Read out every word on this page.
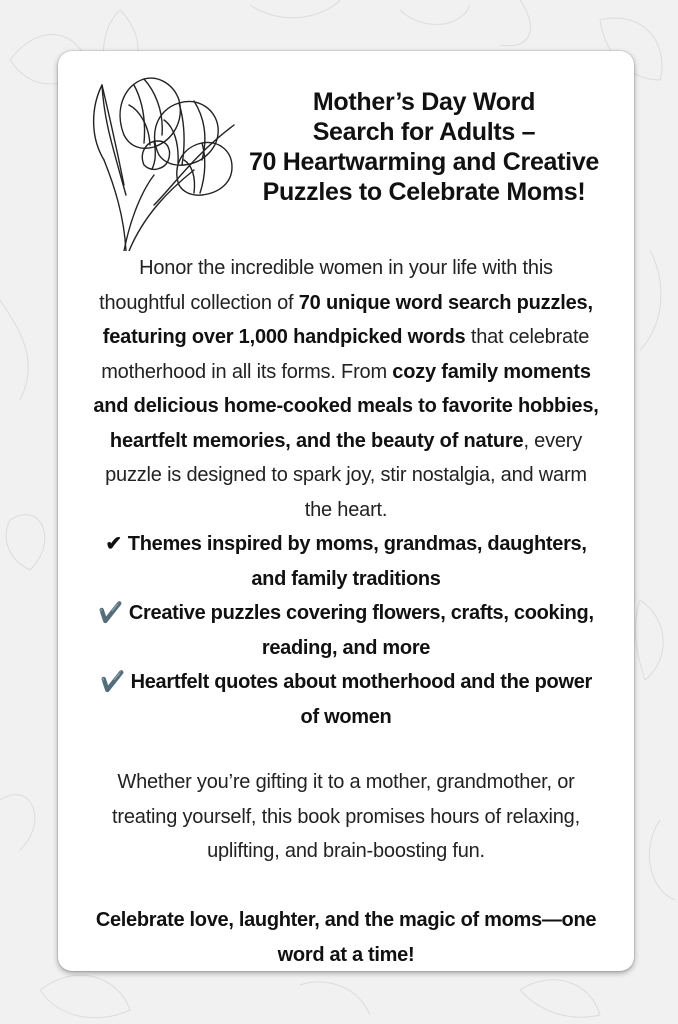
Mother’s Day Word
Search for Adults –
70 Heartwarming and Creative
Puzzles to Celebrate Moms!
Honor the incredible women in your life with this
thoughtful collection of 70 unique word search puzzles,
featuring over 1,000 handpicked words that celebrate
motherhood in all its forms. From cozy family moments
and delicious home-cooked meals to favorite hobbies,
heartfelt memories, and the beauty of nature, every
puzzle is designed to spark joy, stir nostalgia, and warm
the heart.
✔ Themes inspired by moms, grandmas, daughters,
and family traditions
✔️ Creative puzzles covering flowers, crafts, cooking,
reading, and more
✔️ Heartfelt quotes about motherhood and the power
of women
Whether you’re gifting it to a mother, grandmother, or
treating yourself, this book promises hours of relaxing,
uplifting, and brain-boosting fun.
Celebrate love, laughter, and the magic of moms—one
word at a time!
